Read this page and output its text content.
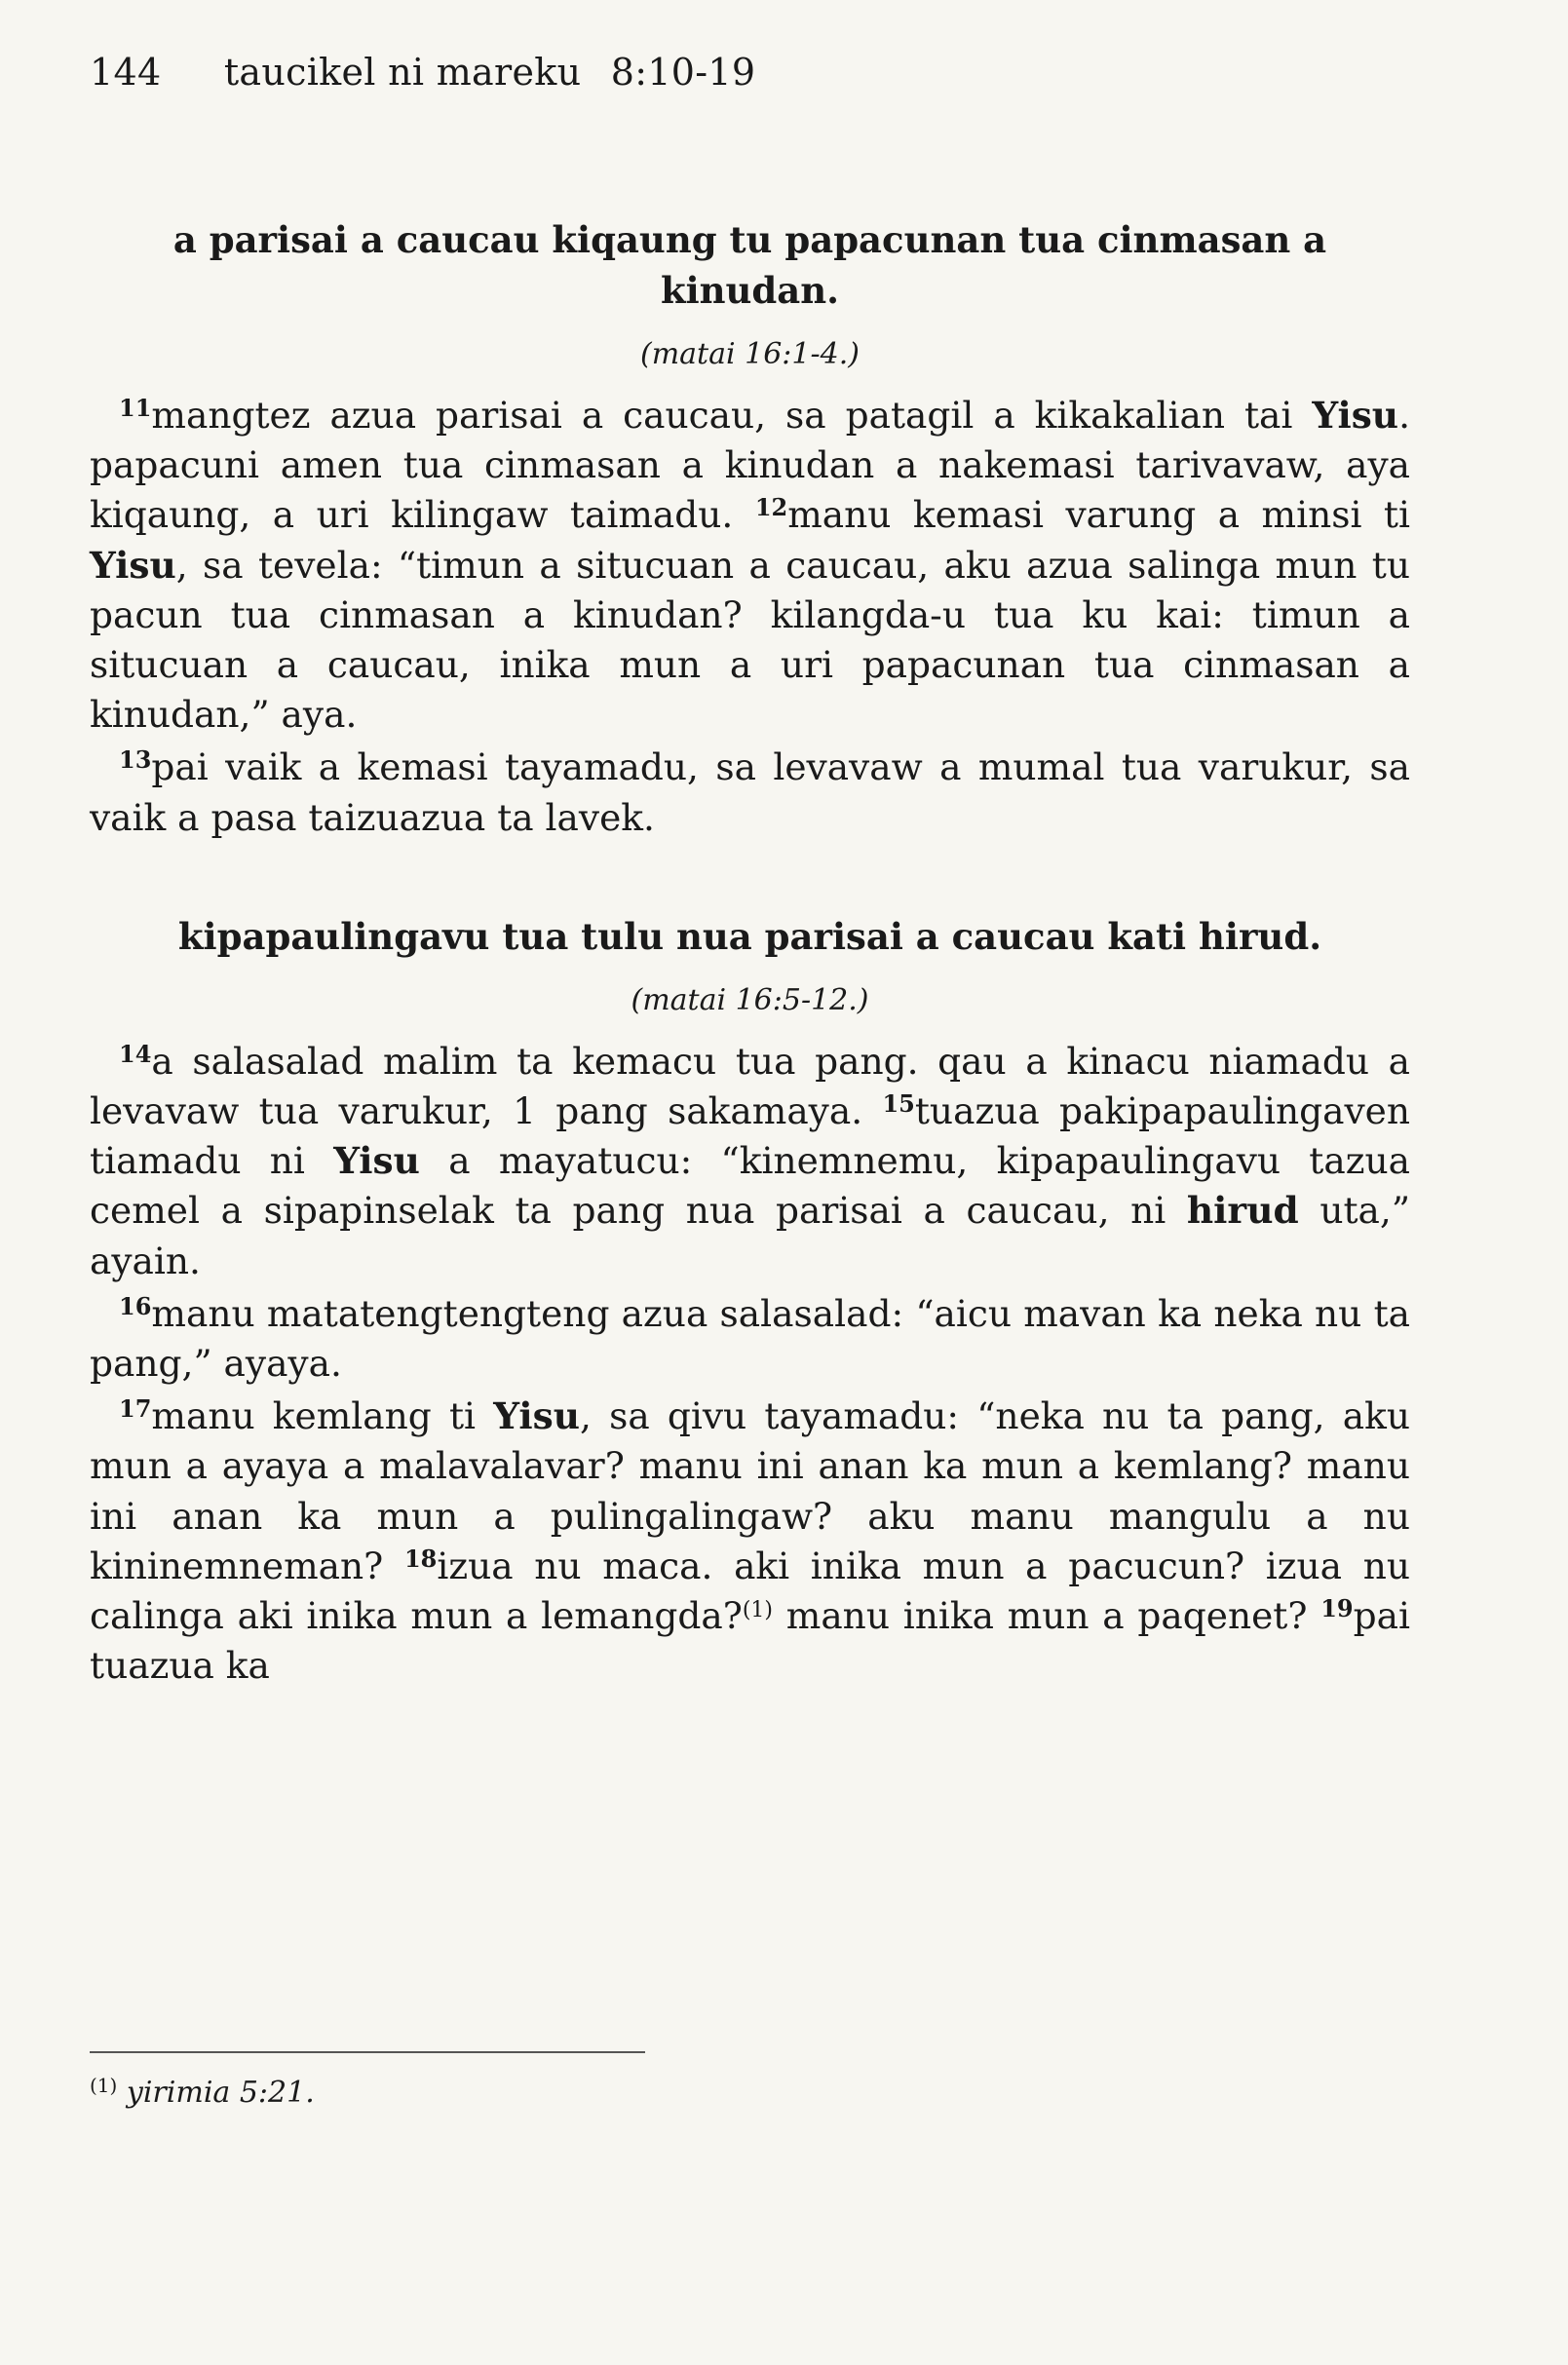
144 taucikel ni mareku 8:10-19
a parisai a caucau kiqaung tu papacunan tua cinmasan a kinudan.
(matai 16:1-4.)

$^{11}$mangtez azua parisai a caucau, sa patagil a kikakalian tai Yisu. papacuni amen tua cinmasan a kinudan a nakemasi tarivavaw, aya kiqaung, a uri kilingaw taimadu. $^{12}$manu kemasi varung a minsi ti Yisu, sa tevela: “timun a situcuan a caucau, aku azua salinga mun tu pacun tua cinmasan a kinudan? kilangda-u tua ku kai: timun a situcuan a caucau, inika mun a uri papacunan tua cinmasan a kinudan,” aya.

$^{13}$pai vaik a kemasi tayamadu, sa levavaw a mumal tua varukur, sa vaik a pasa taizuazua ta lavek.

kipapaulingavu tua tulu nua parisai a caucau kati hirud.
(matai 16:5-12.)

$^{14}$a salasalad malim ta kemacu tua pang. qau a kinacu niamadu a levavaw tua varukur, 1 pang sakamaya. $^{15}$tuazua pakipapaulingaven tiamadu ni Yisu a mayatucu: “kinemnemu, kipapaulingavu tazua cemel a sipapinselak ta pang nua parisai a caucau, ni hirud uta,” ayain.

$^{16}$manu matatengtengteng azua salasalad: “aicu mavan ka neka nu ta pang,” ayaya.

$^{17}$manu kemlang ti Yisu, sa qivu tayamadu: “neka nu ta pang, aku mun a ayaya a malavalavar? manu ini anan ka mun a kemlang? manu ini anan ka mun a pulingalingaw? aku manu mangulu a nu kininemneman? $^{18}$izua nu maca. aki inika mun a pacucun? izua nu calinga aki inika mun a lemangda?$^{(1)}$ manu inika mun a paqenet? $^{19}$pai tuazua ka

$^{(1)}$ yirimia 5:21.
